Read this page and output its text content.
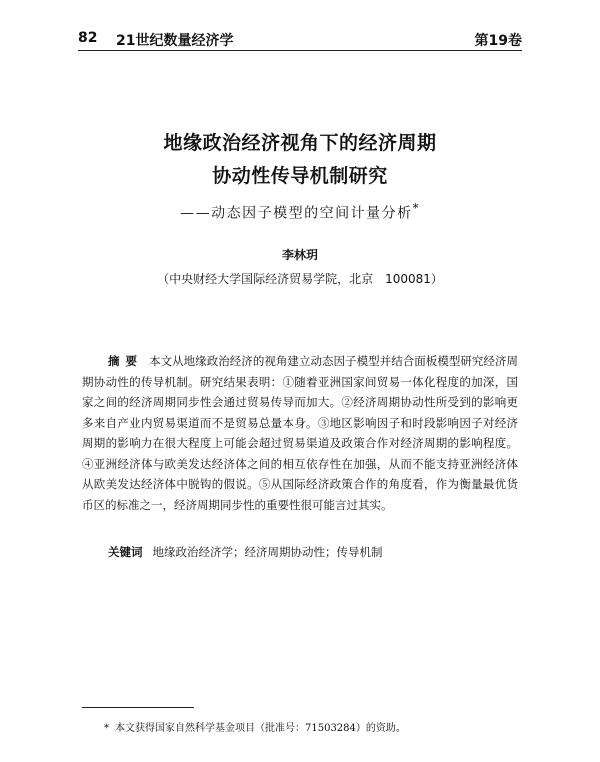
82 21世纪数量经济学	第19卷
地缘政治经济视角下的经济周期
协动性传导机制研究
——动态因子模型的空间计量分析*
李林玥
（中央财经大学国际经济贸易学院，北京　100081）
摘要 本文从地缘政治经济的视角建立动态因子模型并结合面板模型研究经济周期协动性的传导机制。研究结果表明：①随着亚洲国家间贸易一体化程度的加深，国家之间的经济周期同步性会通过贸易传导而加大。②经济周期协动性所受到的影响更多来自产业内贸易渠道而不是贸易总量本身。③地区影响因子和时段影响因子对经济周期的影响力在很大程度上可能会超过贸易渠道及政策合作对经济周期的影响程度。④亚洲经济体与欧美发达经济体之间的相互依存性在加强，从而不能支持亚洲经济体从欧美发达经济体中脱钩的假说。⑤从国际经济政策合作的角度看，作为衡量最优货币区的标准之一，经济周期同步性的重要性很可能言过其实。
关键词 地缘政治经济学；经济周期协动性；传导机制
* 本文获得国家自然科学基金项目（批准号：71503284）的资助。
